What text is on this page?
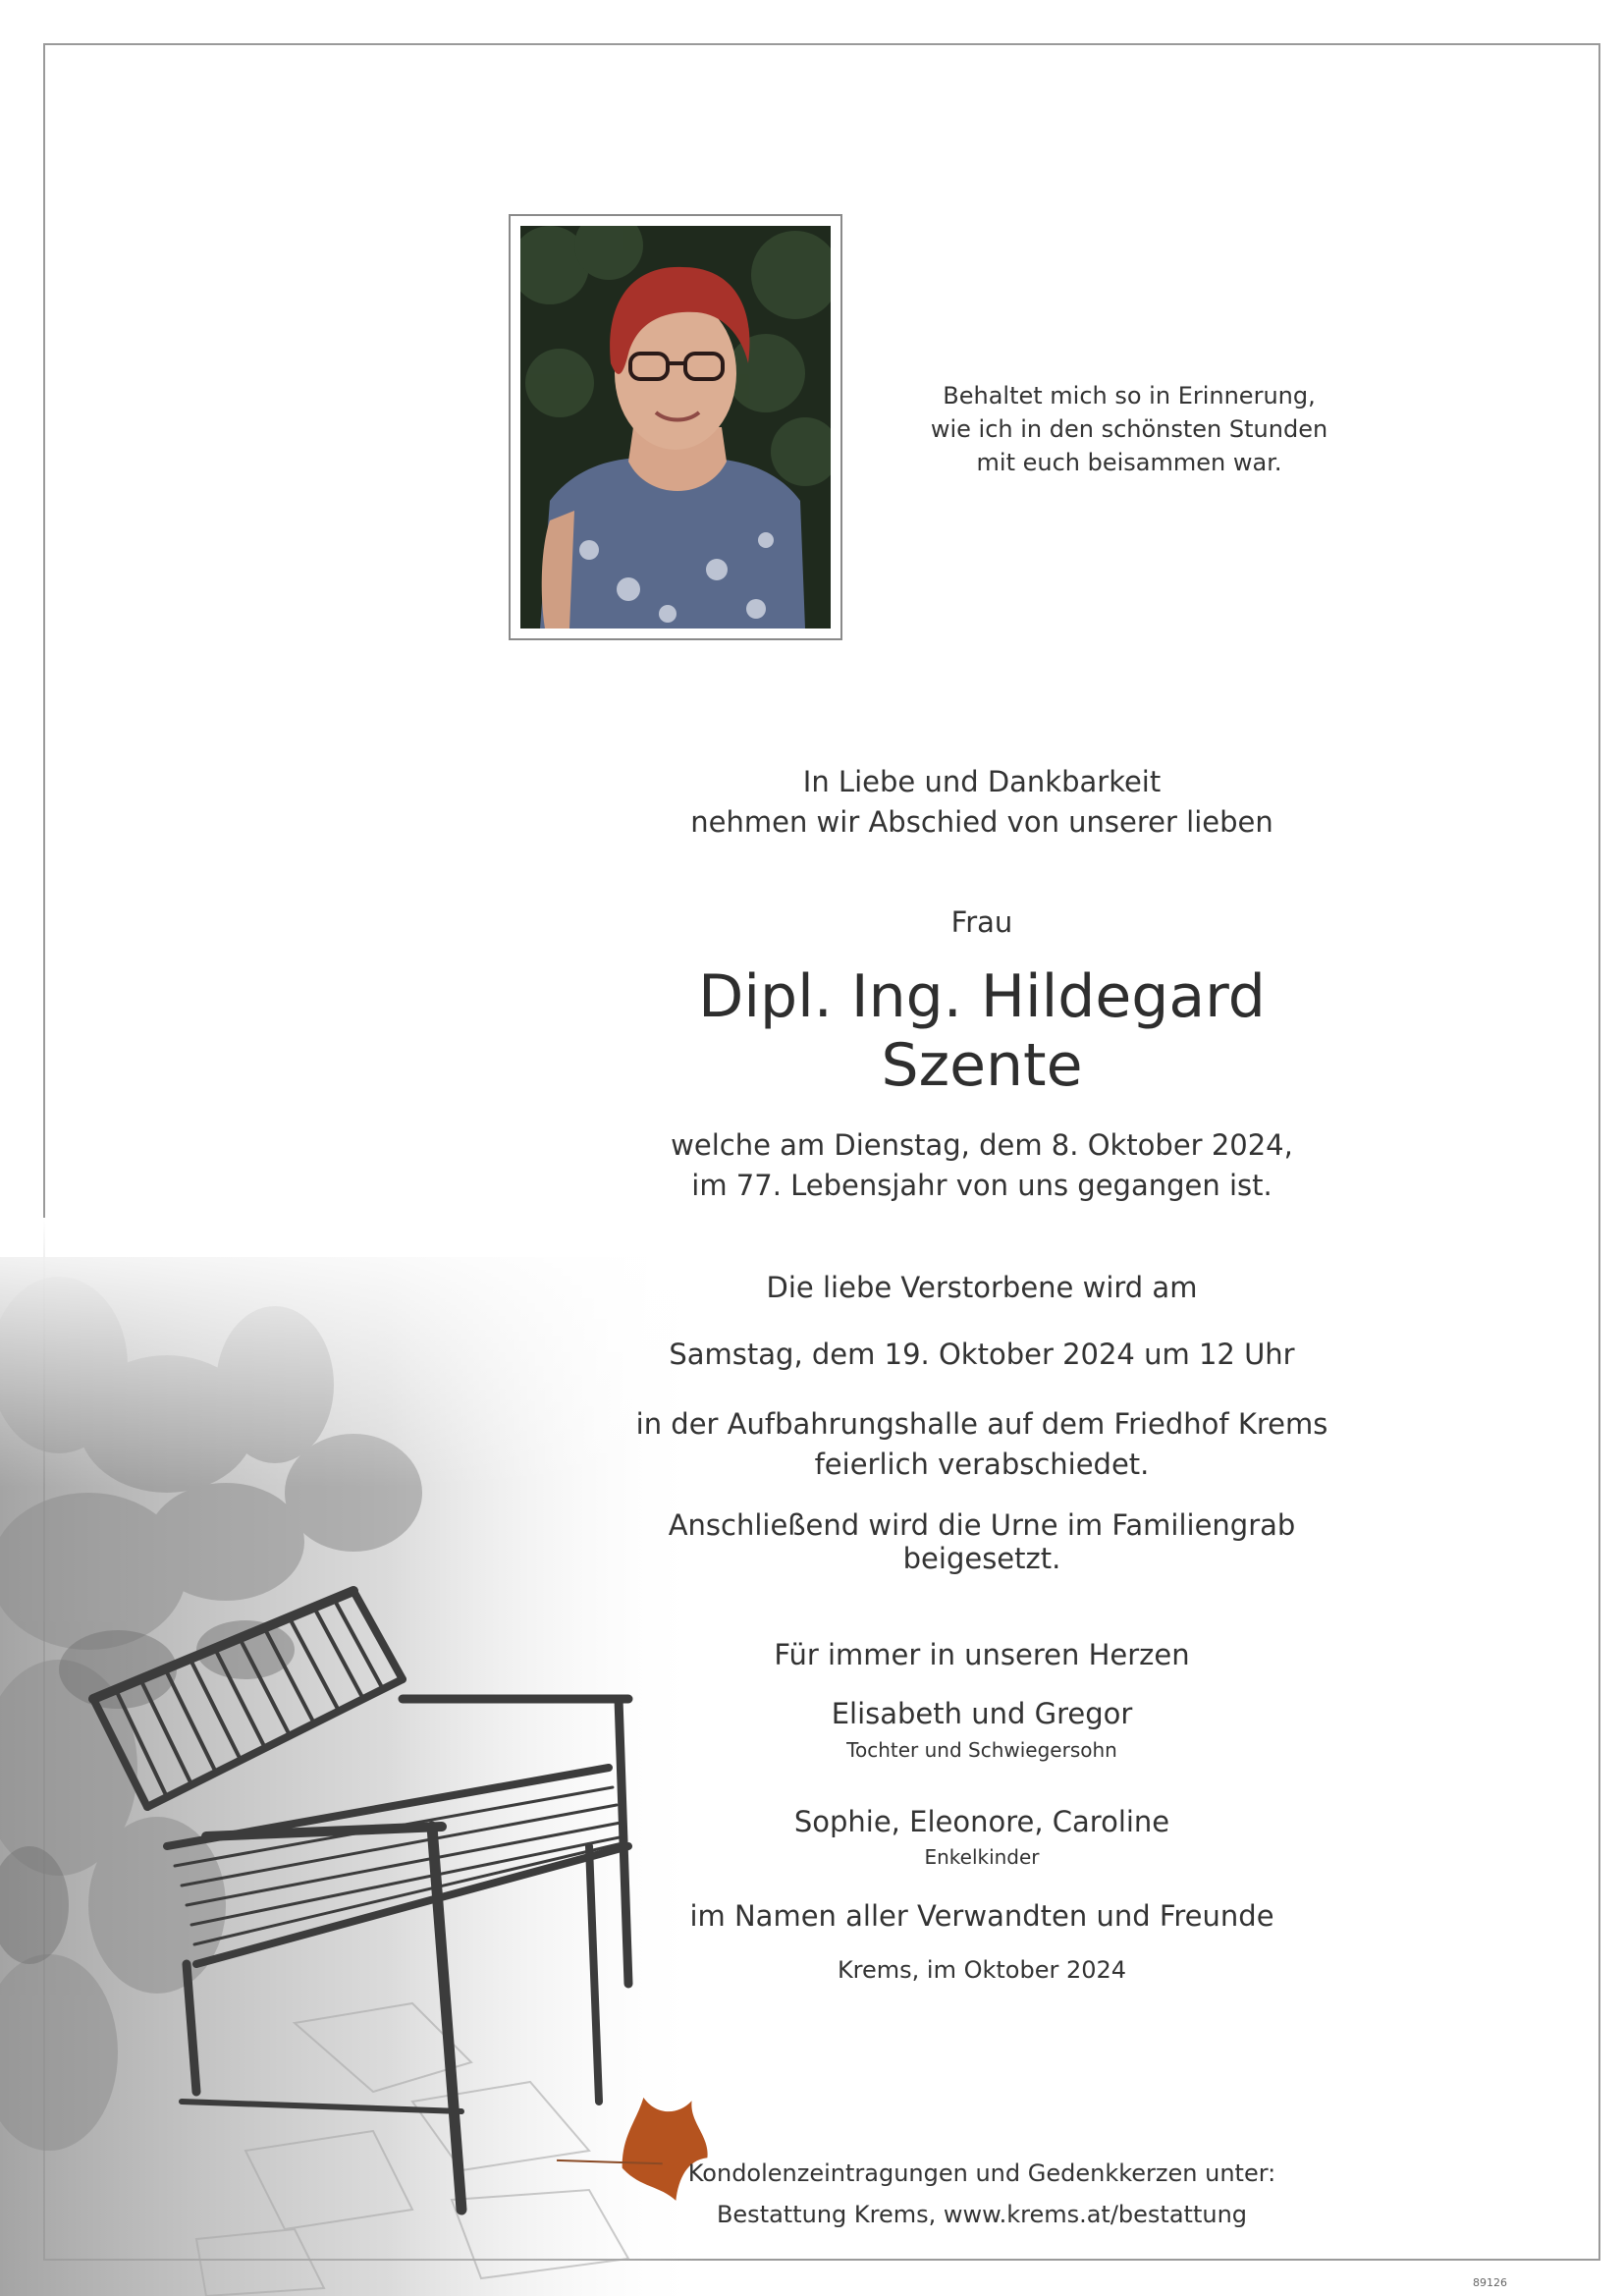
Behaltet mich so in Erinnerung,
wie ich in den schönsten Stunden
mit euch beisammen war.
In Liebe und Dankbarkeit
nehmen wir Abschied von unserer lieben
Frau
Dipl. Ing. Hildegard Szente
welche am Dienstag, dem 8. Oktober 2024,
im 77. Lebensjahr von uns gegangen ist.
Die liebe Verstorbene wird am
Samstag, dem 19. Oktober 2024 um 12 Uhr
in der Aufbahrungshalle auf dem Friedhof Krems
feierlich verabschiedet.
Anschließend wird die Urne im Familiengrab beigesetzt.
Für immer in unseren Herzen
Elisabeth und Gregor
Tochter und Schwiegersohn
Sophie, Eleonore, Caroline
Enkelkinder
im Namen aller Verwandten und Freunde
Krems, im Oktober 2024
Kondolenzeintragungen und Gedenkkerzen unter:
Bestattung Krems, www.krems.at/bestattung
89126
